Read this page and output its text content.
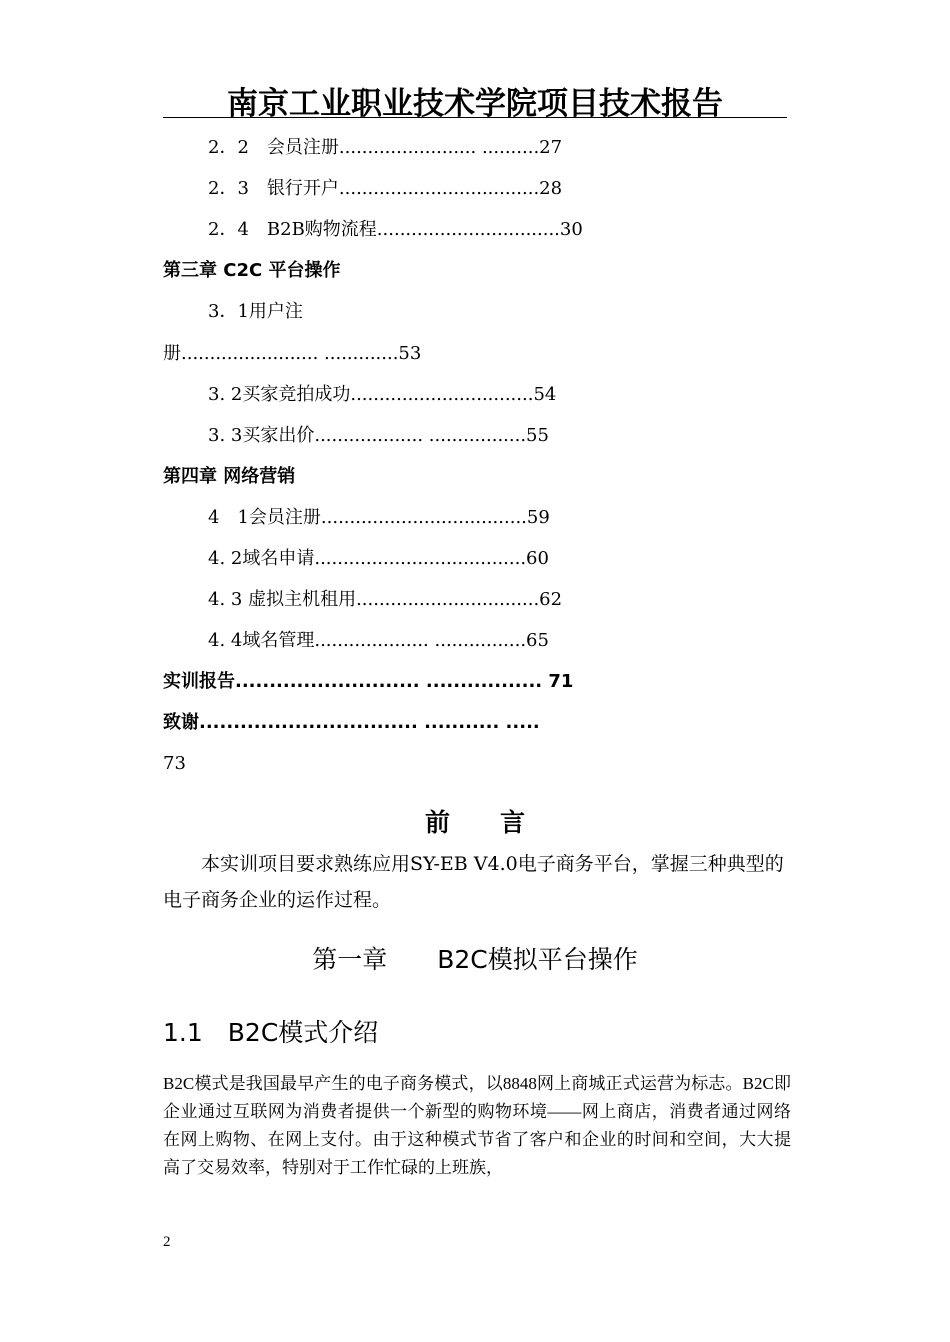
南京工业职业技术学院项目技术报告
2．2　会员注册........................ ..........27
2．3　银行开户...................................28
2．4　B2B购物流程................................30
第三章 C2C 平台操作
3．1用户注
册........................ .............53
3. 2买家竞拍成功................................54
3. 3买家出价................... .................55
第四章 网络营销
4　1会员注册....................................59
4. 2域名申请.....................................60
4. 3 虚拟主机租用................................62
4. 4域名管理.................... ................65
实训报告........................... ................. 71
致谢................................ ........... .....
73
前　　言
本实训项目要求熟练应用SY-EB V4.0电子商务平台，掌握三种典型的电子商务企业的运作过程。
第一章　　B2C模拟平台操作
1.1　B2C模式介绍
B2C模式是我国最早产生的电子商务模式，以8848网上商城正式运营为标志。B2C即企业通过互联网为消费者提供一个新型的购物环境——网上商店，消费者通过网络在网上购物、在网上支付。由于这种模式节省了客户和企业的时间和空间，大大提高了交易效率，特别对于工作忙碌的上班族，
2
